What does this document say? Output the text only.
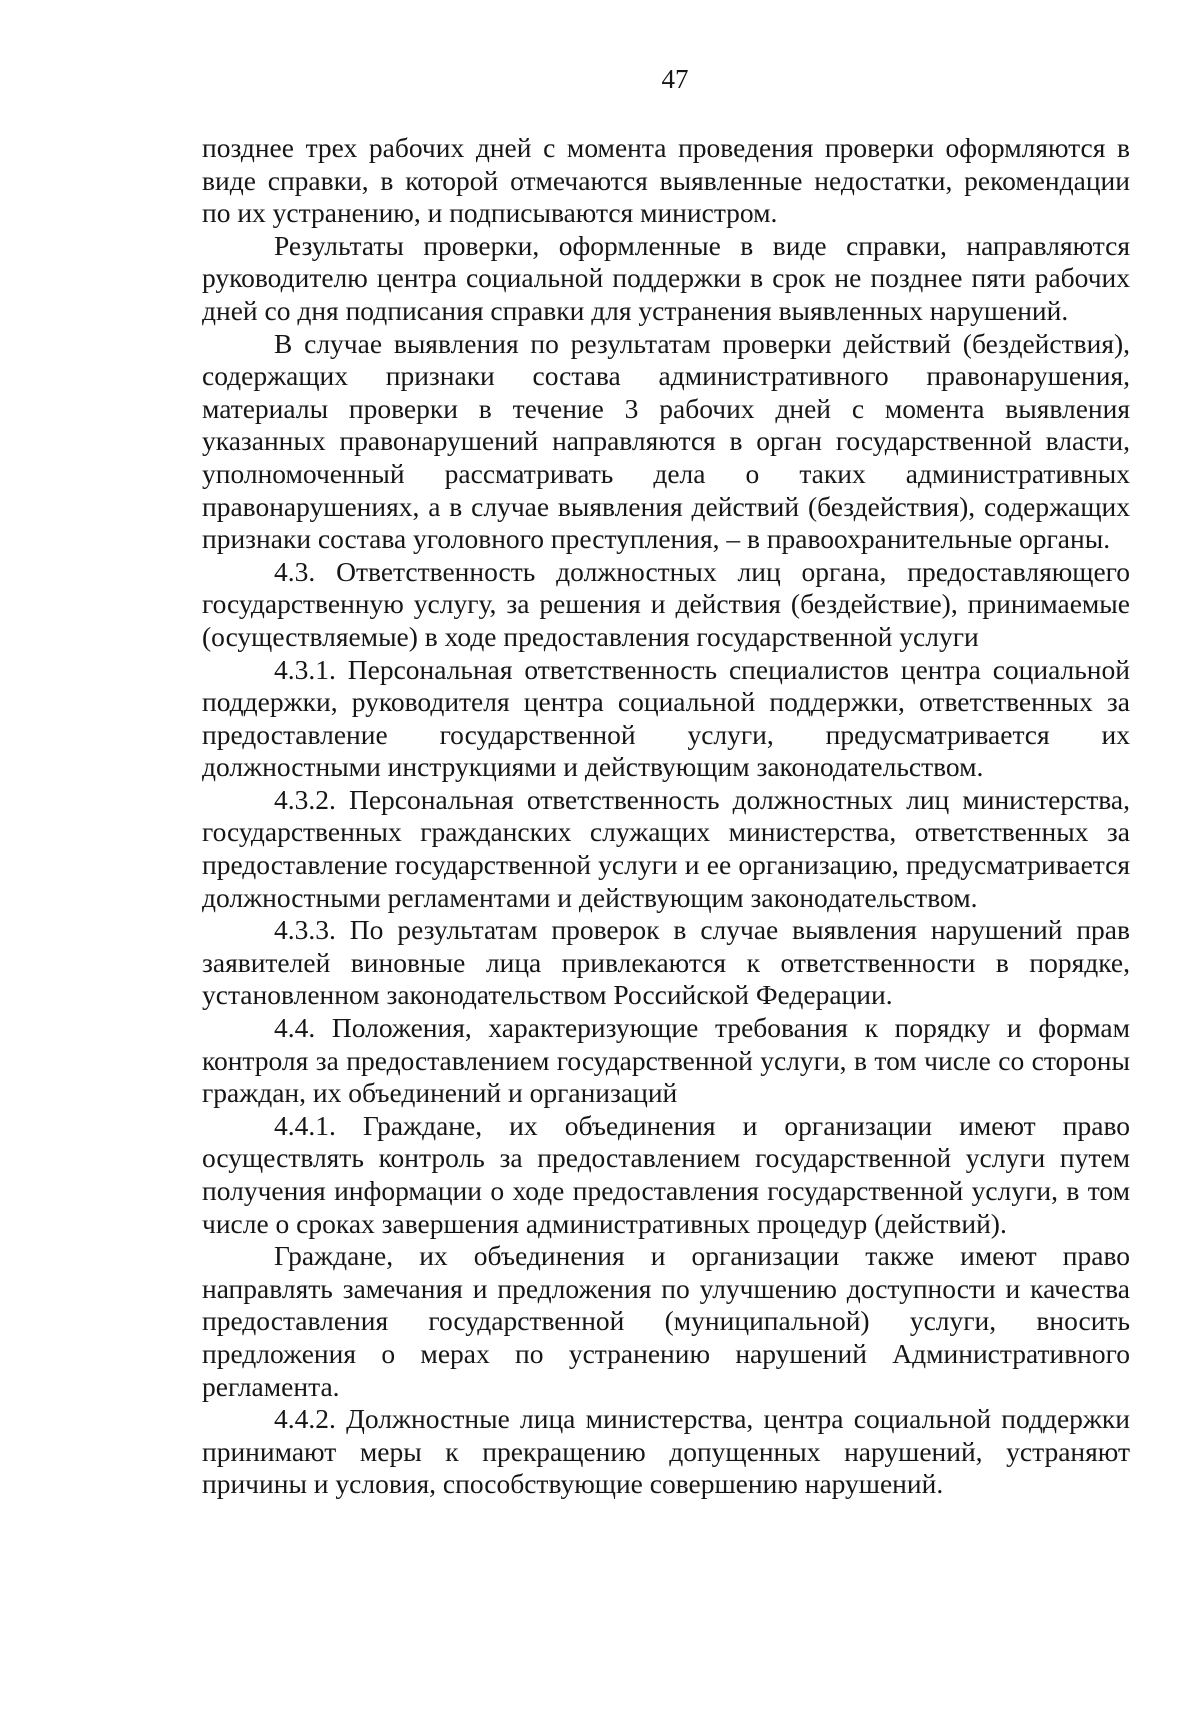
47

позднее трех рабочих дней с момента проведения проверки оформляются в виде справки, в которой отмечаются выявленные недостатки, рекомендации по их устранению, и подписываются министром.

Результаты проверки, оформленные в виде справки, направляются руководителю центра социальной поддержки в срок не позднее пяти рабочих дней со дня подписания справки для устранения выявленных нарушений.

В случае выявления по результатам проверки действий (бездействия), содержащих признаки состава административного правонарушения, материалы проверки в течение 3 рабочих дней с момента выявления указанных правонарушений направляются в орган государственной власти, уполномоченный рассматривать дела о таких административных правонарушениях, а в случае выявления действий (бездействия), содержащих признаки состава уголовного преступления, – в правоохранительные органы.

4.3. Ответственность должностных лиц органа, предоставляющего государственную услугу, за решения и действия (бездействие), принимаемые (осуществляемые) в ходе предоставления государственной услуги

4.3.1. Персональная ответственность специалистов центра социальной поддержки, руководителя центра социальной поддержки, ответственных за предоставление государственной услуги, предусматривается их должностными инструкциями и действующим законодательством.

4.3.2. Персональная ответственность должностных лиц министерства, государственных гражданских служащих министерства, ответственных за предоставление государственной услуги и ее организацию, предусматривается должностными регламентами и действующим законодательством.

4.3.3. По результатам проверок в случае выявления нарушений прав заявителей виновные лица привлекаются к ответственности в порядке, установленном законодательством Российской Федерации.

4.4. Положения, характеризующие требования к порядку и формам контроля за предоставлением государственной услуги, в том числе со стороны граждан, их объединений и организаций

4.4.1. Граждане, их объединения и организации имеют право осуществлять контроль за предоставлением государственной услуги путем получения информации о ходе предоставления государственной услуги, в том числе о сроках завершения административных процедур (действий).

Граждане, их объединения и организации также имеют право направлять замечания и предложения по улучшению доступности и качества предоставления государственной (муниципальной) услуги, вносить предложения о мерах по устранению нарушений Административного регламента.

4.4.2. Должностные лица министерства, центра социальной поддержки принимают меры к прекращению допущенных нарушений, устраняют причины и условия, способствующие совершению нарушений.
